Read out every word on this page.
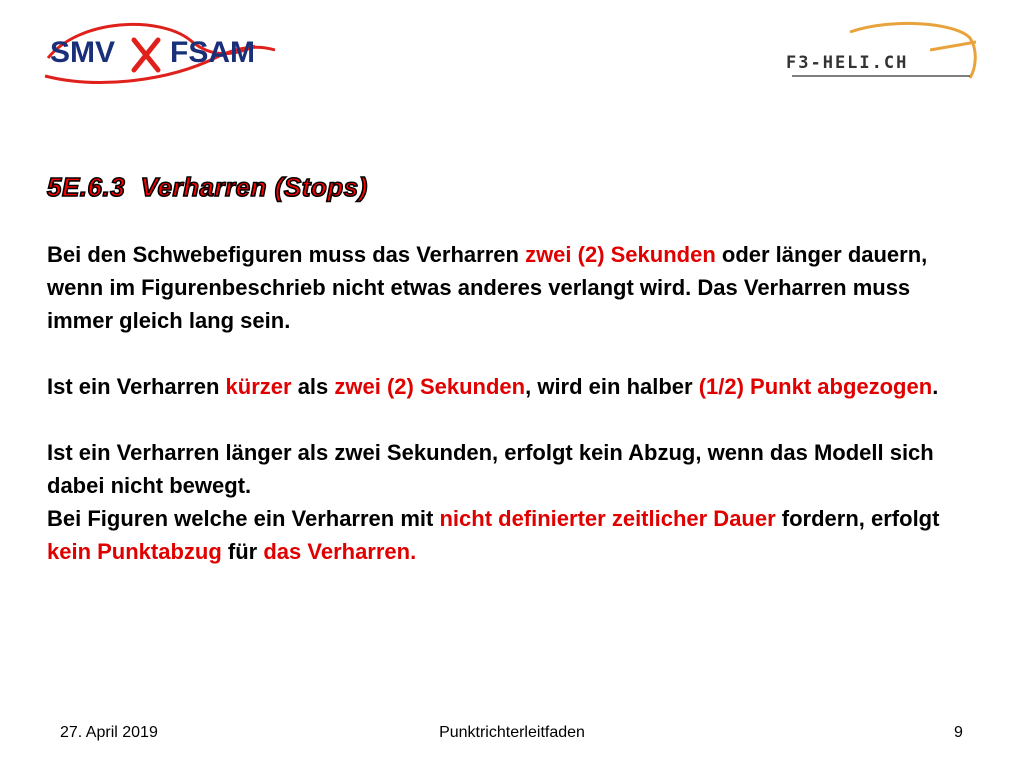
SMV FSAM	F3-HELI.CH
5E.6.3  Verharren (Stops)

Bei den Schwebefiguren muss das Verharren zwei (2) Sekunden oder länger dauern, wenn im Figurenbeschrieb nicht etwas anderes verlangt wird. Das Verharren muss immer gleich lang sein.

Ist ein Verharren kürzer als zwei (2) Sekunden, wird ein halber (1/2) Punkt abgezogen.

Ist ein Verharren länger als zwei Sekunden, erfolgt kein Abzug, wenn das Modell sich dabei nicht bewegt.

Bei Figuren welche ein Verharren mit nicht definierter zeitlicher Dauer fordern, erfolgt kein Punktabzug für das Verharren.

27. April 2019	Punktrichterleitfaden	9
